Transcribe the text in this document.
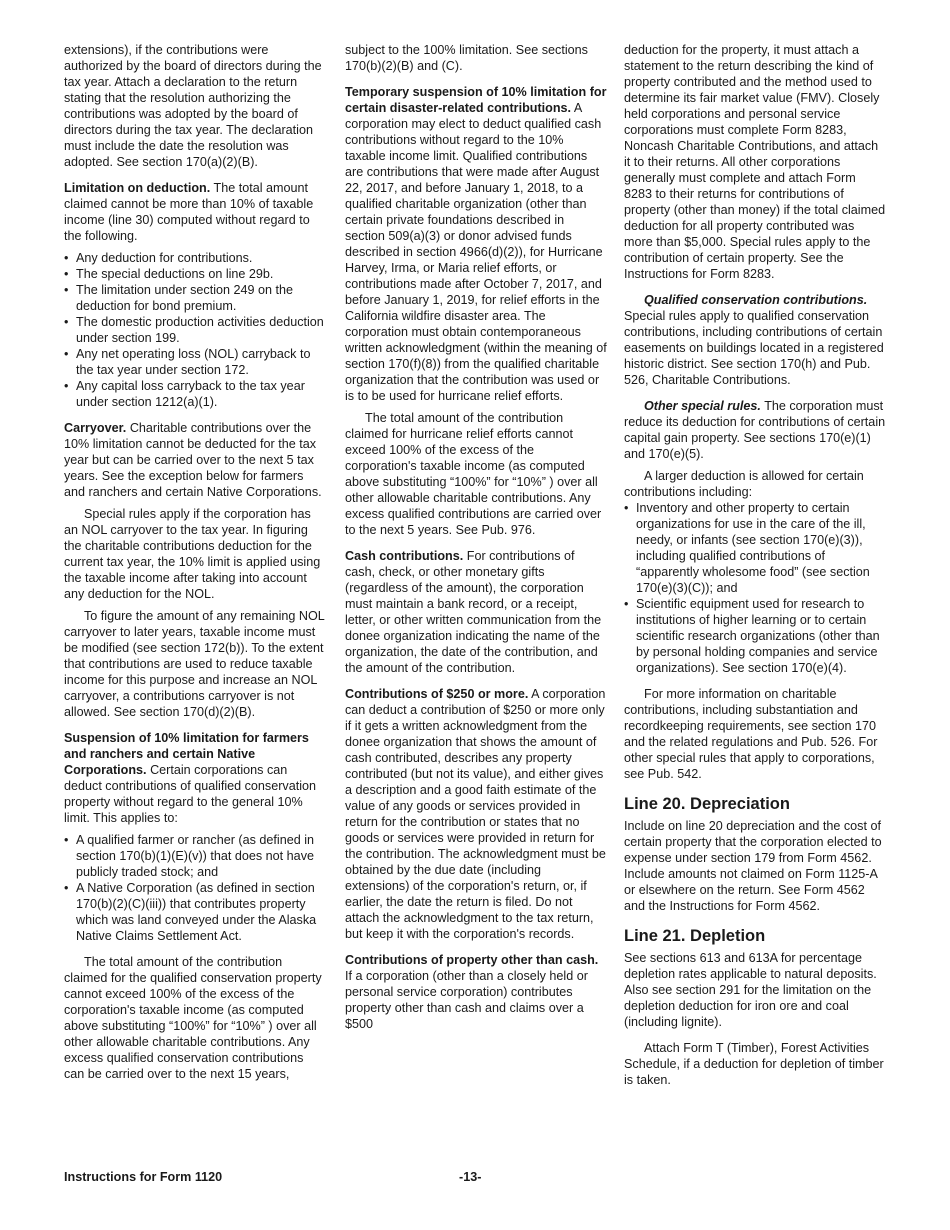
extensions), if the contributions were authorized by the board of directors during the tax year. Attach a declaration to the return stating that the resolution authorizing the contributions was adopted by the board of directors during the tax year. The declaration must include the date the resolution was adopted. See section 170(a)(2)(B).

Limitation on deduction. The total amount claimed cannot be more than 10% of taxable income (line 30) computed without regard to the following.

• Any deduction for contributions.

• The special deductions on line 29b.

• The limitation under section 249 on the deduction for bond premium.

• The domestic production activities deduction under section 199.

• Any net operating loss (NOL) carryback to the tax year under section 172.

• Any capital loss carryback to the tax year under section 1212(a)(1).

Carryover. Charitable contributions over the 10% limitation cannot be deducted for the tax year but can be carried over to the next 5 tax years. See the exception below for farmers and ranchers and certain Native Corporations.

Special rules apply if the corporation has an NOL carryover to the tax year. In figuring the charitable contributions deduction for the current tax year, the 10% limit is applied using the taxable income after taking into account any deduction for the NOL.

To figure the amount of any remaining NOL carryover to later years, taxable income must be modified (see section 172(b)). To the extent that contributions are used to reduce taxable income for this purpose and increase an NOL carryover, a contributions carryover is not allowed. See section 170(d)(2)(B).

Suspension of 10% limitation for farmers and ranchers and certain Native Corporations. Certain corporations can deduct contributions of qualified conservation property without regard to the general 10% limit. This applies to:

• A qualified farmer or rancher (as defined in section 170(b)(1)(E)(v)) that does not have publicly traded stock; and

• A Native Corporation (as defined in section 170(b)(2)(C)(iii)) that contributes property which was land conveyed under the Alaska Native Claims Settlement Act.

The total amount of the contribution claimed for the qualified conservation property cannot exceed 100% of the excess of the corporation's taxable income (as computed above substituting “100%” for “10%” ) over all other allowable charitable contributions. Any excess qualified conservation contributions can be carried over to the next 15 years,

subject to the 100% limitation. See sections 170(b)(2)(B) and (C).

Temporary suspension of 10% limitation for certain disaster-related contributions. A corporation may elect to deduct qualified cash contributions without regard to the 10% taxable income limit. Qualified contributions are contributions that were made after August 22, 2017, and before January 1, 2018, to a qualified charitable organization (other than certain private foundations described in section 509(a)(3) or donor advised funds described in section 4966(d)(2)), for Hurricane Harvey, Irma, or Maria relief efforts, or contributions made after October 7, 2017, and before January 1, 2019, for relief efforts in the California wildfire disaster area. The corporation must obtain contemporaneous written acknowledgment (within the meaning of section 170(f)(8)) from the qualified charitable organization that the contribution was used or is to be used for hurricane relief efforts.

The total amount of the contribution claimed for hurricane relief efforts cannot exceed 100% of the excess of the corporation's taxable income (as computed above substituting “100%” for “10%” ) over all other allowable charitable contributions. Any excess qualified contributions are carried over to the next 5 years. See Pub. 976.

Cash contributions. For contributions of cash, check, or other monetary gifts (regardless of the amount), the corporation must maintain a bank record, or a receipt, letter, or other written communication from the donee organization indicating the name of the organization, the date of the contribution, and the amount of the contribution.

Contributions of $250 or more. A corporation can deduct a contribution of $250 or more only if it gets a written acknowledgment from the donee organization that shows the amount of cash contributed, describes any property contributed (but not its value), and either gives a description and a good faith estimate of the value of any goods or services provided in return for the contribution or states that no goods or services were provided in return for the contribution. The acknowledgment must be obtained by the due date (including extensions) of the corporation's return, or, if earlier, the date the return is filed. Do not attach the acknowledgment to the tax return, but keep it with the corporation's records.

Contributions of property other than cash. If a corporation (other than a closely held or personal service corporation) contributes property other than cash and claims over a $500

deduction for the property, it must attach a statement to the return describing the kind of property contributed and the method used to determine its fair market value (FMV). Closely held corporations and personal service corporations must complete Form 8283, Noncash Charitable Contributions, and attach it to their returns. All other corporations generally must complete and attach Form 8283 to their returns for contributions of property (other than money) if the total claimed deduction for all property contributed was more than $5,000. Special rules apply to the contribution of certain property. See the Instructions for Form 8283.

Qualified conservation contributions. Special rules apply to qualified conservation contributions, including contributions of certain easements on buildings located in a registered historic district. See section 170(h) and Pub. 526, Charitable Contributions.

Other special rules. The corporation must reduce its deduction for contributions of certain capital gain property. See sections 170(e)(1) and 170(e)(5).

A larger deduction is allowed for certain contributions including:

• Inventory and other property to certain organizations for use in the care of the ill, needy, or infants (see section 170(e)(3)), including qualified contributions of “apparently wholesome food” (see section 170(e)(3)(C)); and

• Scientific equipment used for research to institutions of higher learning or to certain scientific research organizations (other than by personal holding companies and service organizations). See section 170(e)(4).

For more information on charitable contributions, including substantiation and recordkeeping requirements, see section 170 and the related regulations and Pub. 526. For other special rules that apply to corporations, see Pub. 542.

Line 20. Depreciation

Include on line 20 depreciation and the cost of certain property that the corporation elected to expense under section 179 from Form 4562. Include amounts not claimed on Form 1125-A or elsewhere on the return. See Form 4562 and the Instructions for Form 4562.

Line 21. Depletion

See sections 613 and 613A for percentage depletion rates applicable to natural deposits. Also see section 291 for the limitation on the depletion deduction for iron ore and coal (including lignite).

Attach Form T (Timber), Forest Activities Schedule, if a deduction for depletion of timber is taken.

Instructions for Form 1120	-13-
